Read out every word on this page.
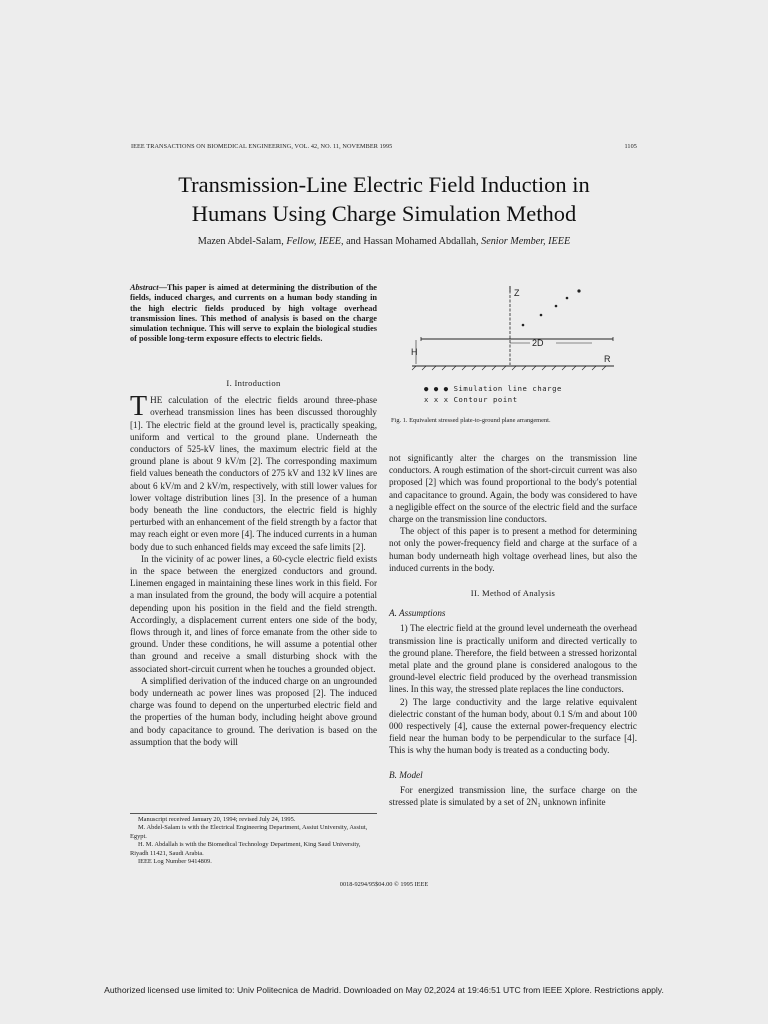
IEEE TRANSACTIONS ON BIOMEDICAL ENGINEERING, VOL. 42, NO. 11, NOVEMBER 1995	1105
Transmission-Line Electric Field Induction in
Humans Using Charge Simulation Method
Mazen Abdel-Salam, Fellow, IEEE, and Hassan Mohamed Abdallah, Senior Member, IEEE
Abstract—This paper is aimed at determining the distribution of the fields, induced charges, and currents on a human body standing in the high electric fields produced by high voltage overhead transmission lines. This method of analysis is based on the charge simulation technique. This will serve to explain the biological studies of possible long-term exposure effects to electric fields.
I. Introduction

THE calculation of the electric fields around three-phase overhead transmission lines has been discussed thoroughly [1]. The electric field at the ground level is, practically speaking, uniform and vertical to the ground plane. Underneath the conductors of 525-kV lines, the maximum electric field at the ground plane is about 9 kV/m [2]. The corresponding maximum field values beneath the conductors of 275 kV and 132 kV lines are about 6 kV/m and 2 kV/m, respectively, with still lower values for lower voltage distribution lines [3]. In the presence of a human body beneath the line conductors, the electric field is highly perturbed with an enhancement of the field strength by a factor that may reach eight or even more [4]. The induced currents in a human body due to such enhanced fields may exceed the safe limits [2].

In the vicinity of ac power lines, a 60-cycle electric field exists in the space between the energized conductors and ground. Linemen engaged in maintaining these lines work in this field. For a man insulated from the ground, the body will acquire a potential depending upon his position in the field and the field strength. Accordingly, a displacement current enters one side of the body, flows through it, and lines of force emanate from the other side to ground. Under these conditions, he will assume a potential other than ground and receive a small disturbing shock with the associated short-circuit current when he touches a grounded object.

A simplified derivation of the induced charge on an ungrounded body underneath ac power lines was proposed [2]. The induced charge was found to depend on the unperturbed electric field and the properties of the human body, including height above ground and body capacitance to ground. The derivation is based on the assumption that the body will

Manuscript received January 20, 1994; revised July 24, 1995.

M. Abdel-Salam is with the Electrical Engineering Department, Assiut University, Assiut, Egypt.

H. M. Abdallah is with the Biomedical Technology Department, King Saud University, Riyadh 11421, Saudi Arabia.

IEEE Log Number 9414809.

Z
2D
H
R
● ● ● Simulation line charge
x x x Contour point
Fig. 1. Equivalent stressed plate-to-ground plane arrangement.

not significantly alter the charges on the transmission line conductors. A rough estimation of the short-circuit current was also proposed [2] which was found proportional to the body's potential and capacitance to ground. Again, the body was considered to have a negligible effect on the source of the electric field and the surface charge on the transmission line conductors.

The object of this paper is to present a method for determining not only the power-frequency field and charge at the surface of a human body underneath high voltage overhead lines, but also the induced currents in the body.

II. Method of Analysis
A. Assumptions

1) The electric field at the ground level underneath the overhead transmission line is practically uniform and directed vertically to the ground plane. Therefore, the field between a stressed horizontal metal plate and the ground plane is considered analogous to the ground-level electric field produced by the overhead transmission lines. In this way, the stressed plate replaces the line conductors.

2) The large conductivity and the large relative equivalent dielectric constant of the human body, about 0.1 S/m and about 100 000 respectively [4], cause the external power-frequency electric field near the human body to be perpendicular to the surface [4]. This is why the human body is treated as a conducting body.

B. Model

For energized transmission line, the surface charge on the stressed plate is simulated by a set of 2N₁ unknown infinite

0018-9294/95$04.00 © 1995 IEEE
Authorized licensed use limited to: Univ Politecnica de Madrid. Downloaded on May 02,2024 at 19:46:51 UTC from IEEE Xplore. Restrictions apply.
